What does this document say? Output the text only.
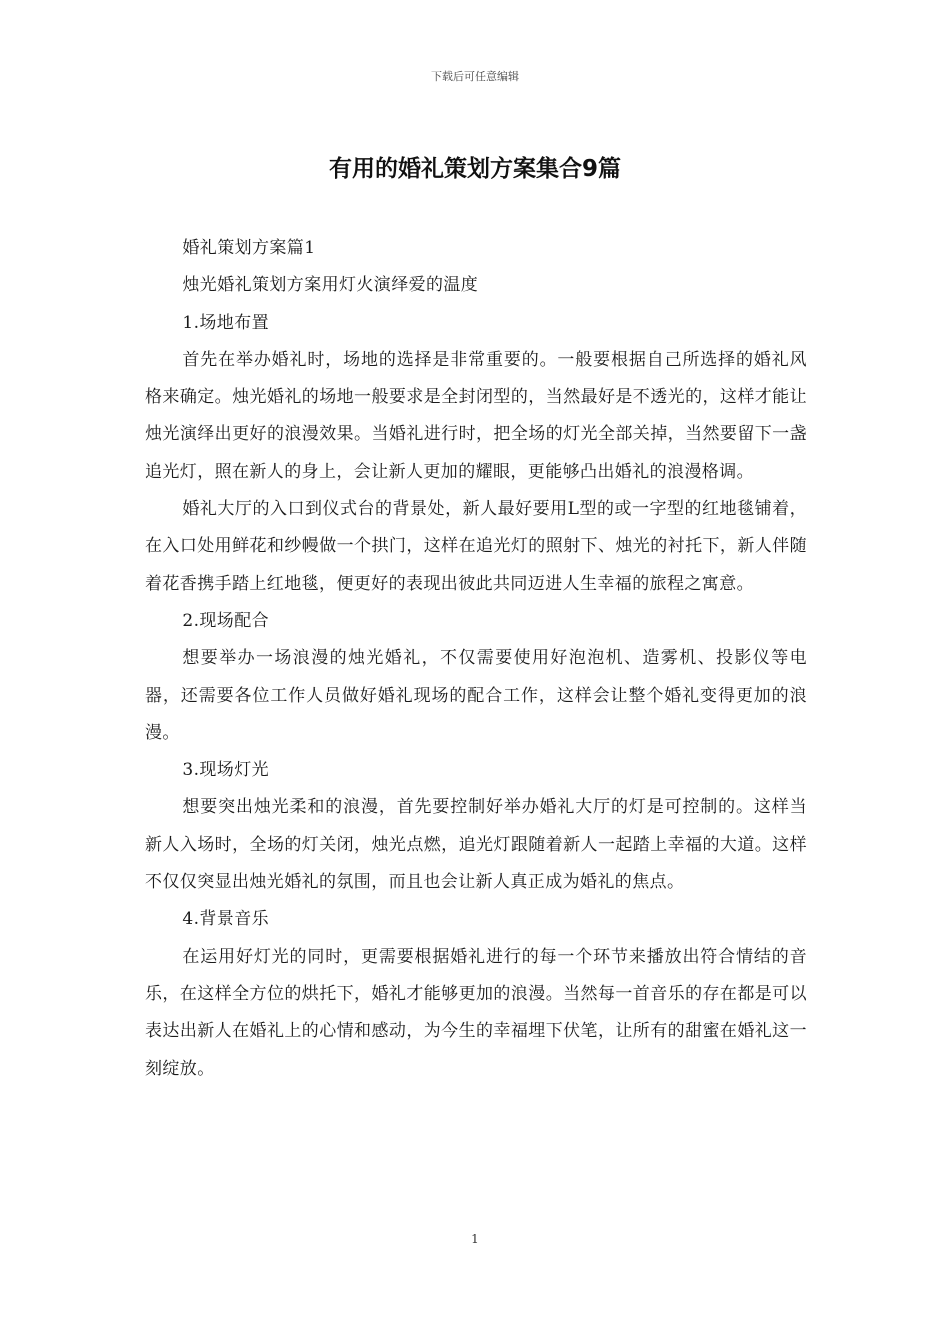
下载后可任意编辑
有用的婚礼策划方案集合9篇

婚礼策划方案篇1

烛光婚礼策划方案用灯火演绎爱的温度

1.场地布置

首先在举办婚礼时，场地的选择是非常重要的。一般要根据自己所选择的婚礼风格来确定。烛光婚礼的场地一般要求是全封闭型的，当然最好是不透光的，这样才能让烛光演绎出更好的浪漫效果。当婚礼进行时，把全场的灯光全部关掉，当然要留下一盏追光灯，照在新人的身上，会让新人更加的耀眼，更能够凸出婚礼的浪漫格调。

婚礼大厅的入口到仪式台的背景处，新人最好要用L型的或一字型的红地毯铺着，在入口处用鲜花和纱幔做一个拱门，这样在追光灯的照射下、烛光的衬托下，新人伴随着花香携手踏上红地毯，便更好的表现出彼此共同迈进人生幸福的旅程之寓意。

2.现场配合

想要举办一场浪漫的烛光婚礼，不仅需要使用好泡泡机、造雾机、投影仪等电器，还需要各位工作人员做好婚礼现场的配合工作，这样会让整个婚礼变得更加的浪漫。

3.现场灯光

想要突出烛光柔和的浪漫，首先要控制好举办婚礼大厅的灯是可控制的。这样当新人入场时，全场的灯关闭，烛光点燃，追光灯跟随着新人一起踏上幸福的大道。这样不仅仅突显出烛光婚礼的氛围，而且也会让新人真正成为婚礼的焦点。

4.背景音乐

在运用好灯光的同时，更需要根据婚礼进行的每一个环节来播放出符合情结的音乐，在这样全方位的烘托下，婚礼才能够更加的浪漫。当然每一首音乐的存在都是可以表达出新人在婚礼上的心情和感动，为今生的幸福埋下伏笔，让所有的甜蜜在婚礼这一刻绽放。

1
